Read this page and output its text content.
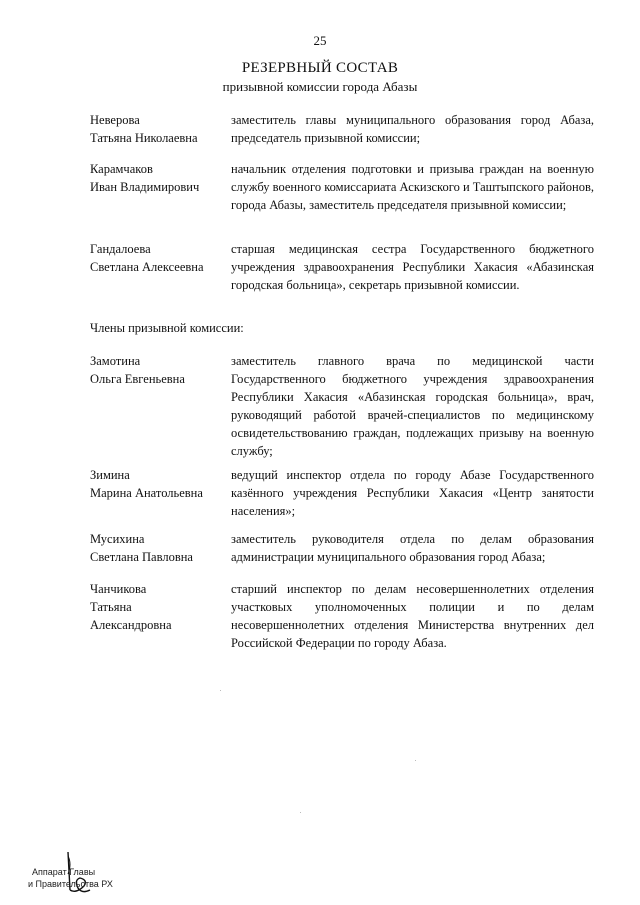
25
РЕЗЕРВНЫЙ СОСТАВ
призывной комиссии города Абазы
Неверова
Татьяна Николаевна
заместитель главы муниципального образования город Абаза, председатель призывной комиссии;
Карамчаков
Иван Владимирович
начальник отделения подготовки и призыва граждан на военную службу военного комиссариата Аскизского и Таштыпского районов, города Абазы, заместитель председателя призывной комиссии;
Гандалоева
Светлана Алексеевна
старшая медицинская сестра Государственного бюджетного учреждения здравоохранения Республики Хакасия «Абазинская городская больница», секретарь призывной комиссии.
Члены призывной комиссии:
Замотина
Ольга Евгеньевна
заместитель главного врача по медицинской части Государственного бюджетного учреждения здравоохранения Республики Хакасия «Абазинская городская больница», врач, руководящий работой врачей-специалистов по медицинскому освидетельствованию граждан, подлежащих призыву на военную службу;
Зимина
Марина Анатольевна
ведущий инспектор отдела по городу Абазе Государственного казённого учреждения Республики Хакасия «Центр занятости населения»;
Мусихина
Светлана Павловна
заместитель руководителя отдела по делам образования администрации муниципального образования город Абаза;
Чанчикова
Татьяна
Александровна
старший инспектор по делам несовершеннолетних отделения участковых уполномоченных полиции и по делам несовершеннолетних отделения Министерства внутренних дел Российской Федерации по городу Абаза.
Аппарат Главы
и Правительства РХ
